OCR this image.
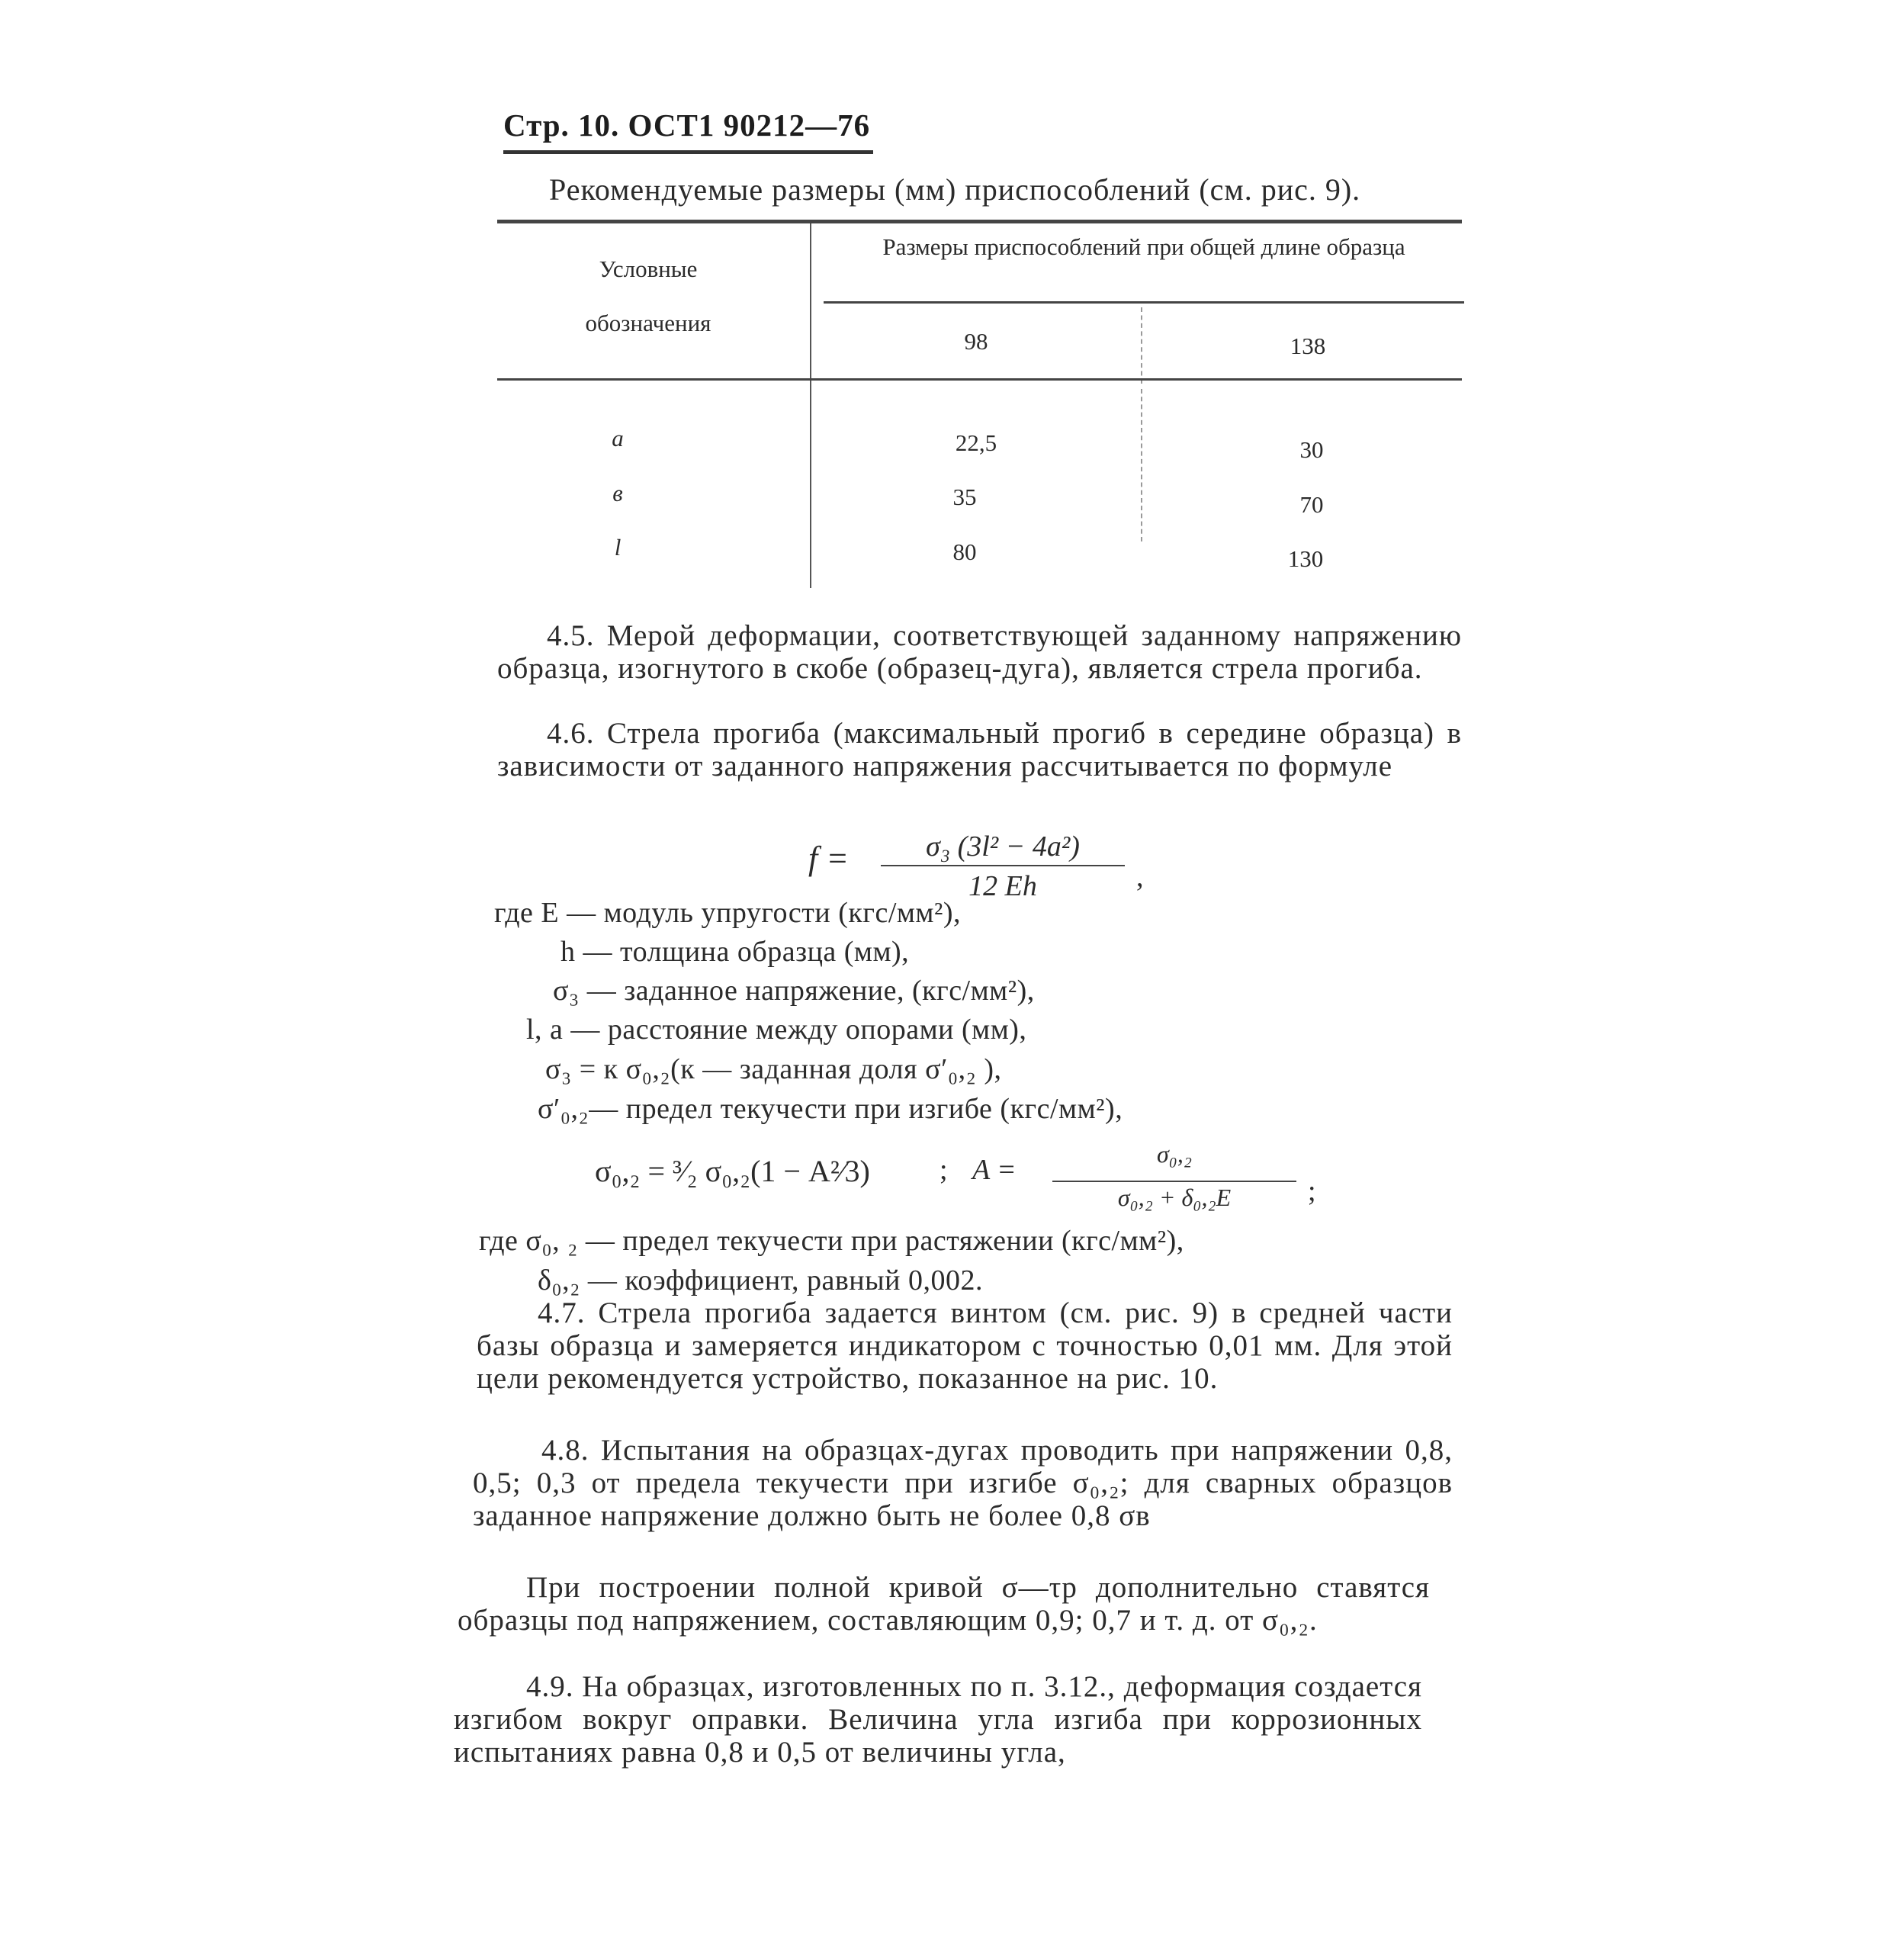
Стр. 10. ОСТ1 90212—76
Рекомендуемые размеры (мм) приспособлений (см. рис. 9).
Условные
обозначения
Размеры приспособлений при общей длине образца
98	138
а	22,5	30
в	35	70
l	80	130
4.5. Мерой деформации, соответствующей заданному напряжению образца, изогнутого в скобе (образец-дуга), является стрела прогиба.
4.6. Стрела прогиба (максимальный прогиб в середине образца) в зависимости от заданного напряжения рассчитывается по формуле
f =	σ₃ (3l² − 4a²)
12 Eh	,
где E — модуль упругости (кгс/мм²),
h — толщина образца (мм),
σ₃ — заданное напряжение, (кгс/мм²),
l, a — расстояние между опорами (мм),
σ₃ = к σ₀,₂(к — заданная доля σ′₀,₂ ),
σ′₀,₂— предел текучести при изгибе (кгс/мм²),
σ₀,₂ = ³⁄₂ σ₀,₂(1 − A²⁄3) ; A =	σ₀,₂
σ₀,₂ + δ₀,₂E	;
где σ₀, ₂ — предел текучести при растяжении (кгс/мм²),
δ₀,₂ — коэффициент, равный 0,002.
4.7. Стрела прогиба задается винтом (см. рис. 9) в средней части базы образца и замеряется индикатором с точностью 0,01 мм. Для этой цели рекомендуется устройство, показанное на рис. 10.
4.8. Испытания на образцах-дугах проводить при напряжении 0,8, 0,5; 0,3 от предела текучести при изгибе σ₀,₂; для сварных образцов заданное напряжение должно быть не более 0,8 σв
При построении полной кривой σ—τр дополнительно ставятся образцы под напряжением, составляющим 0,9; 0,7 и т. д. от σ₀,₂.
4.9. На образцах, изготовленных по п. 3.12., деформация создается изгибом вокруг оправки. Величина угла изгиба при коррозионных испытаниях равна 0,8 и 0,5 от величины угла,
